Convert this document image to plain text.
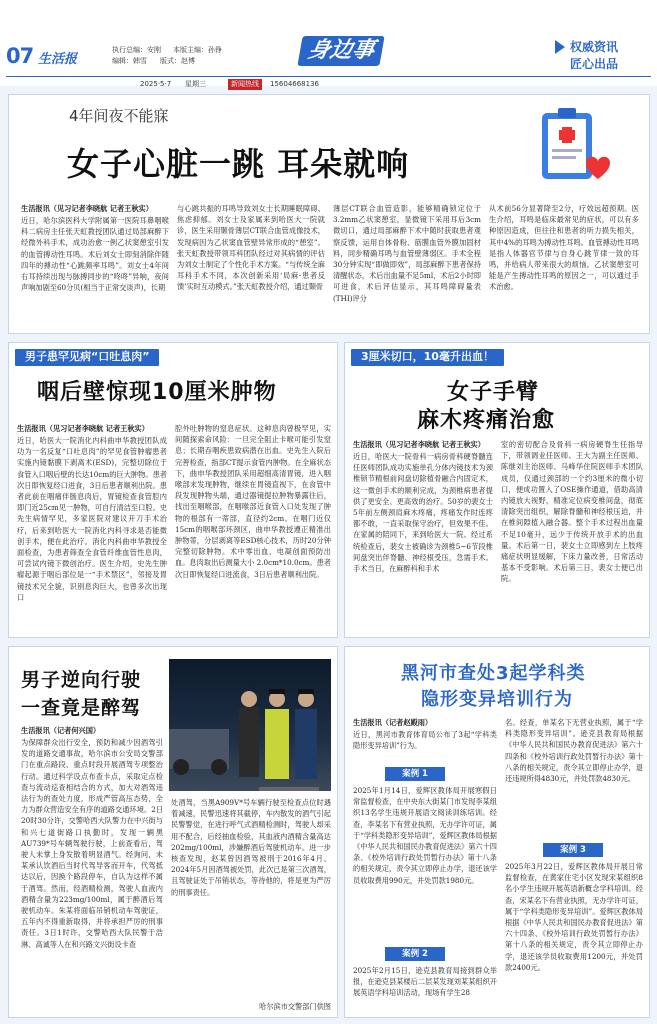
07 生活报
执行总编：安刚 本版主编：孙铮
编辑：韩雪 版式：赵博	身边事	权威资讯
匠心出品
2025·5·7 星期三	新闻热线	15604668136
4年间夜不能寐
女子心脏一跳 耳朵就响
生活报讯（见习记者李晓航 记者王秋实）
近日，哈尔滨医科大学附属第一医院耳鼻咽喉科二病房主任张天虹教授团队通过局部麻醉下经微外科手术，成功治愈一例乙状窦憩室引发的血管搏动性耳鸣。术后刘女士即刻消除伴随四年的搏动性“心跳频率耳鸣”。刘女士4年间右耳持续出现与脉搏同步的“咚咚”异响，夜间声响加剧至60分贝(相当于正常交谈声)，长期
与心跳共振的耳鸣导致刘女士长期睡眠障碍、焦虑抑郁。刘女士及家属来到哈医大一院就诊，医生采用颞骨薄层CT联合血管成像技术，发现病因为乙状窦血管壁异常形成的“憩室”。张天虹教授带领耳科团队经过对其病情的评估为刘女士制定了个性化手术方案。“与传统全麻耳科手术不同，本次创新采用‘局麻-患者反馈’实时互动模式。”张天虹教授介绍，通过颞骨
薄层CT联合血管造影，能够精确锁定位于3.2mm乙状窦憩室，显微镜下采用耳后3cm微切口，通过局部麻醉下术中随时获取患者观察反馈，运用自体骨粉、筋膜血管外膜加固材料，同步精确耳鸣与血管壁薄弱区。手术全程30分钟实现“即做即效”，局部麻醉下患者保持清醒状态，术后出血量不足5ml，术后2小时即可进食，术后评估显示，其耳鸣障碍量表(THI)评分
从术前56分显著降至2分，疗效远超预期。医生介绍，耳鸣是临床最常见的症状，可以有多种原因造成，但往往和患者的听力损失相关，其中4%的耳鸣为搏动性耳鸣。血管搏动性耳鸣是指人体器官节律与自身心跳节律一致的耳鸣，并给病人带来很大的烦恼。乙状窦憩室可能是产生搏动性耳鸣的原因之一，可以通过手术治愈。
男子患罕见病“口吐息肉”
咽后壁惊现10厘米肿物
生活报讯（见习记者李晓航 记者王秋实）
近日，哈医大一院消化内科曲申华教授团队成功为一名反复“口吐息肉”的罕见食管肿瘤患者实施内镜黏膜下剥离术(ESD)，完整切除位于食管入口咽后壁的长达10cm的巨大肿物。患者次日即恢复经口进食，3日后患者顺利出院。患者此前在咽痛伴肠息肉后，胃镜检查食管腔内即门近25cm见一肿物，可自行清洁至口腔。史先生病情罕见，多家医院对建议开刀手术治疗，后来到哈医大一院消化内科寻求是否能微创手术，便在此治疗。消化内科曲申华教授全面检查，为患者筛查全食管纤维血管性息肉，可尝试内镜下微创治疗。医生介绍，史先生肿瘤起源于咽后部位是一“手术禁区”，邻接及胃镜技术兄全貌，识别息肉巨大，也曾多次出现口
腔外吐肿物的窒息症状。这种息肉曾极罕见，实间随探索命风险：一旦完全阻止卡喉可能引发窒息；长期吞咽疾患致病潜在出血。史先生入院后完善检查，指部CT提示食管内肿物。在全麻状态下，曲申华教授团队采用超细高清胃镜，进入咽喉部末发现肿物，继续在胃镜直视下，在食管中段发现肿物头端，通过器镜提拉肿物暴露往后，找出至咽喉部，在咽喉部近食管入口处发现了肿物的根部有一蒂部，直径约2cm。在咽门近仅15cm的咽喉部环颈区，曲申华教授遵正精准出肿物蒂，分层剥离等ESD核心技术，历时20分钟完整切除肿物。术中零出血，电凝创面预防出血。息肉取出后测量大小 2.0cm*10.0cm。患者次日即恢复经口进流食，3日后患者顺利出院。
3厘米切口，10毫升出血！
女子手臂
麻木疼痛治愈
生活报讯（见习记者李晓航 记者王秋实）
近日，哈医大一院骨科一病房骨科硬脊髓连任医师团队成功实施单孔分体内镜技术为颈椎锁节精根前间盘切除植骨融合内固定术，这一微创手术的顺利完成，为颈椎病患者提供了更安全、更高效的治疗。50岁的裴女士5年前左侧颈肩麻木疼痛，疼痛发作时连疼都不敢，一直采取保守治疗，但效果不佳。在家属的陪同下，来到哈医大一院。经过系统检查后，裴女士被确诊为颈椎5~6节段椎间盘突出伴脊髓、神经根受压，急需手术。手术当日，在麻醉科和手术
室的密切配合及骨科一病房硬脊生任指导下，带领调业任医师、王大为副主任医师、陈继刘主治医师、马峰华住院医师手术团队成员，仅通过颈部的一个约3厘米的微小切口，便成功置入了OSE操作通道，借助高清内镜放大视野，精准定位病变椎间盘，彻底清除突出组织，解除脊髓和神经根压迫，并在椎间隙植入融合器。整个手术过程出血量不足10毫升，远少于传统开放手术的出血量。术后第一日，裴女士立即感到左上肢疼痛症状明显缓解，下床力量改善，日常活动基本不受影响。术后第三日，裴女士便已出院。
男子逆向行驶
一查竟是醉驾
生活报讯（记者何兴国）
为保障群众出行安全，预防和减少因酒驾引发的道路交通事故，哈尔滨市公安局交警部门在重点路段、重点时段开展酒驾专项整治行动。通过科学设点布查卡点，采取定点检查与流动巡查相结合的方式，加大对酒驾违法行为的查处力度，形成严管高压态势，全力为群众营造安全有序的道路交通环境。2日20时30分许，交警哈西大队警力在中兴街与和兴七道街路口执勤时，发现一辆黑AU739*号车辆驾驶行驶，上前查看后，驾驶人未掌上身发散着明显酒气。经询问，未某承认饮酒后当时代驾导客而开车，代驾抵达以后，因换个路段停车，自认为这样不属于酒驾。然而，经酒精检测，驾驶人血液内酒精含量为223mg/100ml，属于醉酒后驾驶机动车。朱某将面临吊销机动车驾驶证，五年内不得重新取得，并将承担严厉的刑事责任。3日1时许，交警哈西大队民警于浩淋、高诚等人在和兴路文兴街设卡查
处酒驾，当黑A909V*号车辆行驶至检查点位时遇着减速，民警迅速将其截停，车内散发的酒气引起民警警觉，在进行呼气式酒精检测时，驾驶人却采用不配合，后经抽血检验，其血液内酒精含量高达202mg/100ml，涉嫌醉酒后驾驶机动车。进一步核查发现，赵某曾因酒驾被刑于2016年4月、2024年5月因酒驾被处罚，此次已是第三次酒驾，且驾驶证处于吊销状态，等待他的，将是更为严厉的刑事责任。
哈尔滨市交警部门供图
黑河市查处3起学科类
隐形变异培训行为
生活报讯（记者赵殿雨）
近日，黑河市教育体育局公布了3起“学科类隐形变异培训”行为。
案例 1
2025年1月14日，爱辉区教体局开展寒假日常监督检查，在中央东大街某门市发现李某组织13名学生违规开展语文阅读训练培训。经查，李某名下有营业执照，无办学许可证，属于“学科类隐形变异培训”，爱辉区教体局根据《中华人民共和国民办教育促进法》第六十四条、《校外培训行政处罚暂行办法》第十八条的相关规定，责令其立即停止办学，退还该学员收取费用990元，并处罚款1980元。
案例 2
2025年2月15日，逊克县教育局接到群众举报，在逊克县某楼后二层某发现刘某某组织开展英语学科培训活动，现场有学生28
名。经查，单某名下无营业执照，属于“学科类隐形变异培训”。逊克县教育局根据《中华人民共和国民办教育促进法》第六十四条和《校外培训行政处罚暂行办法》第十八条的相关规定，责令其立即停止办学，退还违规所得4830元，并处罚款4830元。
案例 3
2025年3月22日，爱辉区教体局开展日常监督检查，在黄家住宅小区发现宋某组织8名小学生违规开展英语新概念学科培训。经查，宋某名下有营业执照，无办学许可证，属于“学科类隐形变异培训”。爱辉区教体局根据《中华人民共和国民办教育促进法》第六十四条、《校外培训行政处罚暂行办法》第十八条的相关规定，责令其立即停止办学，退还该学员收取费用1200元，并处罚款2400元。
